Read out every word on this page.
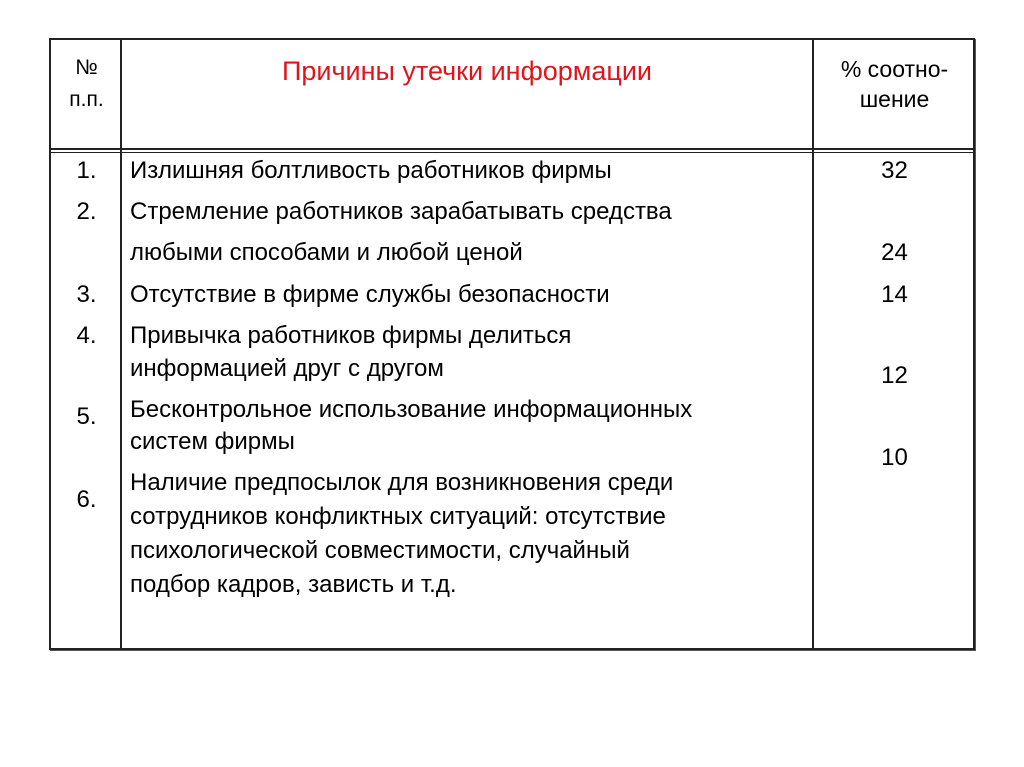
№
п.п.
Причины утечки информации	% соотно-
шение
1.
2.
3.
4.
5.
6.
Излишняя болтливость работников фирмы
Стремление работников зарабатывать средства
любыми способами и любой ценой
Отсутствие в фирме службы безопасности
Привычка работников фирмы делиться
информацией друг с другом
Бесконтрольное использование информационных
систем фирмы
Наличие предпосылок для возникновения среди
сотрудников конфликтных ситуаций: отсутствие
психологической совместимости, случайный
подбор кадров, зависть и т.д.
32
24
14
12
10
